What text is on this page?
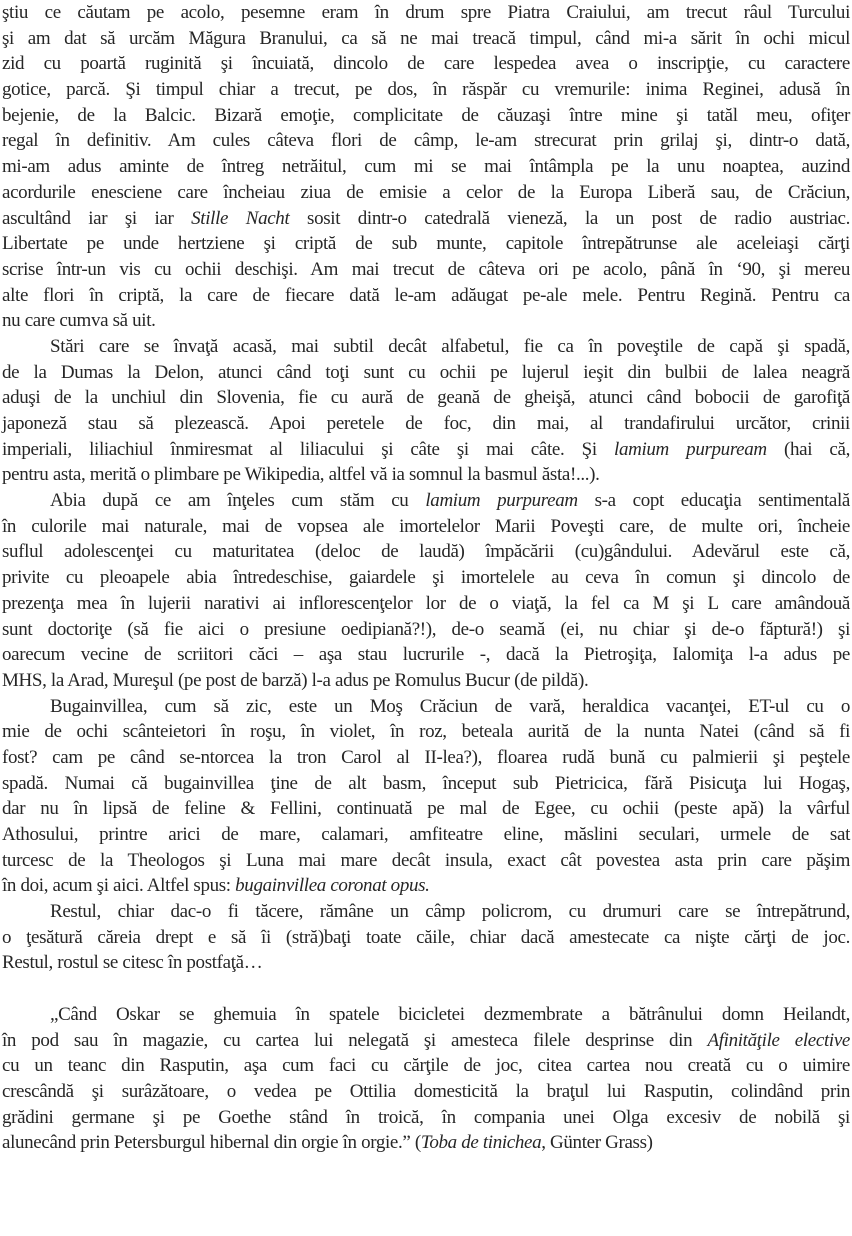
ştiu ce căutam pe acolo, pesemne eram în drum spre Piatra Craiului, am trecut râul Turcului
şi am dat să urcăm Măgura Branului, ca să ne mai treacă timpul, când mi-a sărit în ochi micul
zid cu poartă ruginită şi încuiată, dincolo de care lespedea avea o inscripţie, cu caractere
gotice, parcă. Şi timpul chiar a trecut, pe dos, în răspăr cu vremurile: inima Reginei, adusă în
bejenie, de la Balcic. Bizară emoţie, complicitate de căuzaşi între mine şi tatăl meu, ofiţer
regal în definitiv. Am cules câteva flori de câmp, le-am strecurat prin grilaj şi, dintr-o dată,
mi-am adus aminte de întreg netrăitul, cum mi se mai întâmpla pe la unu noaptea, auzind
acordurile enesciene care încheiau ziua de emisie a celor de la Europa Liberă sau, de Crăciun,
ascultând iar şi iar Stille Nacht sosit dintr-o catedrală vieneză, la un post de radio austriac.
Libertate pe unde hertziene şi criptă de sub munte, capitole întrepătrunse ale aceleiaşi cărţi
scrise într-un vis cu ochii deschişi. Am mai trecut de câteva ori pe acolo, până în ‘90, şi mereu
alte flori în criptă, la care de fiecare dată le-am adăugat pe-ale mele. Pentru Regină. Pentru ca
nu care cumva să uit.
Stări care se învaţă acasă, mai subtil decât alfabetul, fie ca în poveştile de capă şi spadă,
de la Dumas la Delon, atunci când toţi sunt cu ochii pe lujerul ieşit din bulbii de lalea neagră
aduşi de la unchiul din Slovenia, fie cu aură de geană de gheişă, atunci când bobocii de garofiţă
japoneză stau să plezească. Apoi peretele de foc, din mai, al trandafirului urcător, crinii
imperiali, liliachiul înmiresmat al liliacului şi câte şi mai câte. Şi lamium purpuream (hai că,
pentru asta, merită o plimbare pe Wikipedia, altfel vă ia somnul la basmul ăsta!...).
Abia după ce am înţeles cum stăm cu lamium purpuream s-a copt educaţia sentimentală
în culorile mai naturale, mai de vopsea ale imortelelor Marii Poveşti care, de multe ori, încheie
suflul adolescenţei cu maturitatea (deloc de laudă) împăcării (cu)gândului. Adevărul este că,
privite cu pleoapele abia întredeschise, gaiardele şi imortelele au ceva în comun şi dincolo de
prezenţa mea în lujerii narativi ai inflorescenţelor lor de o viaţă, la fel ca M şi L care amândouă
sunt doctoriţe (să fie aici o presiune oedipiană?!), de-o seamă (ei, nu chiar şi de-o făptură!) şi
oarecum vecine de scriitori căci – aşa stau lucrurile -, dacă la Pietroşiţa, Ialomiţa l-a adus pe
MHS, la Arad, Mureşul (pe post de barză) l-a adus pe Romulus Bucur (de pildă).
Bugainvillea, cum să zic, este un Moş Crăciun de vară, heraldica vacanţei, ET-ul cu o
mie de ochi scânteietori în roşu, în violet, în roz, beteala aurită de la nunta Natei (când să fi
fost? cam pe când se-ntorcea la tron Carol al II-lea?), floarea rudă bună cu palmierii şi peştele
spadă. Numai că bugainvillea ţine de alt basm, început sub Pietricica, fără Pisicuţa lui Hogaş,
dar nu în lipsă de feline & Fellini, continuată pe mal de Egee, cu ochii (peste apă) la vârful
Athosului, printre arici de mare, calamari, amfiteatre eline, măslini seculari, urmele de sat
turcesc de la Theologos şi Luna mai mare decât insula, exact cât povestea asta prin care păşim
în doi, acum şi aici. Altfel spus: bugainvillea coronat opus.
Restul, chiar dac-o fi tăcere, rămâne un câmp policrom, cu drumuri care se întrepătrund,
o ţesătură căreia drept e să îi (stră)baţi toate căile, chiar dacă amestecate ca nişte cărţi de joc.
Restul, rostul se citesc în postfaţă…
„Când Oskar se ghemuia în spatele bicicletei dezmembrate a bătrânului domn Heilandt,
în pod sau în magazie, cu cartea lui nelegată şi amesteca filele desprinse din Afinităţile elective
cu un teanc din Rasputin, aşa cum faci cu cărţile de joc, citea cartea nou creată cu o uimire
crescândă şi surâzătoare, o vedea pe Ottilia domesticită la braţul lui Rasputin, colindând prin
grădini germane şi pe Goethe stând în troică, în compania unei Olga excesiv de nobilă şi
alunecând prin Petersburgul hibernal din orgie în orgie.” (Toba de tinichea, Günter Grass)
